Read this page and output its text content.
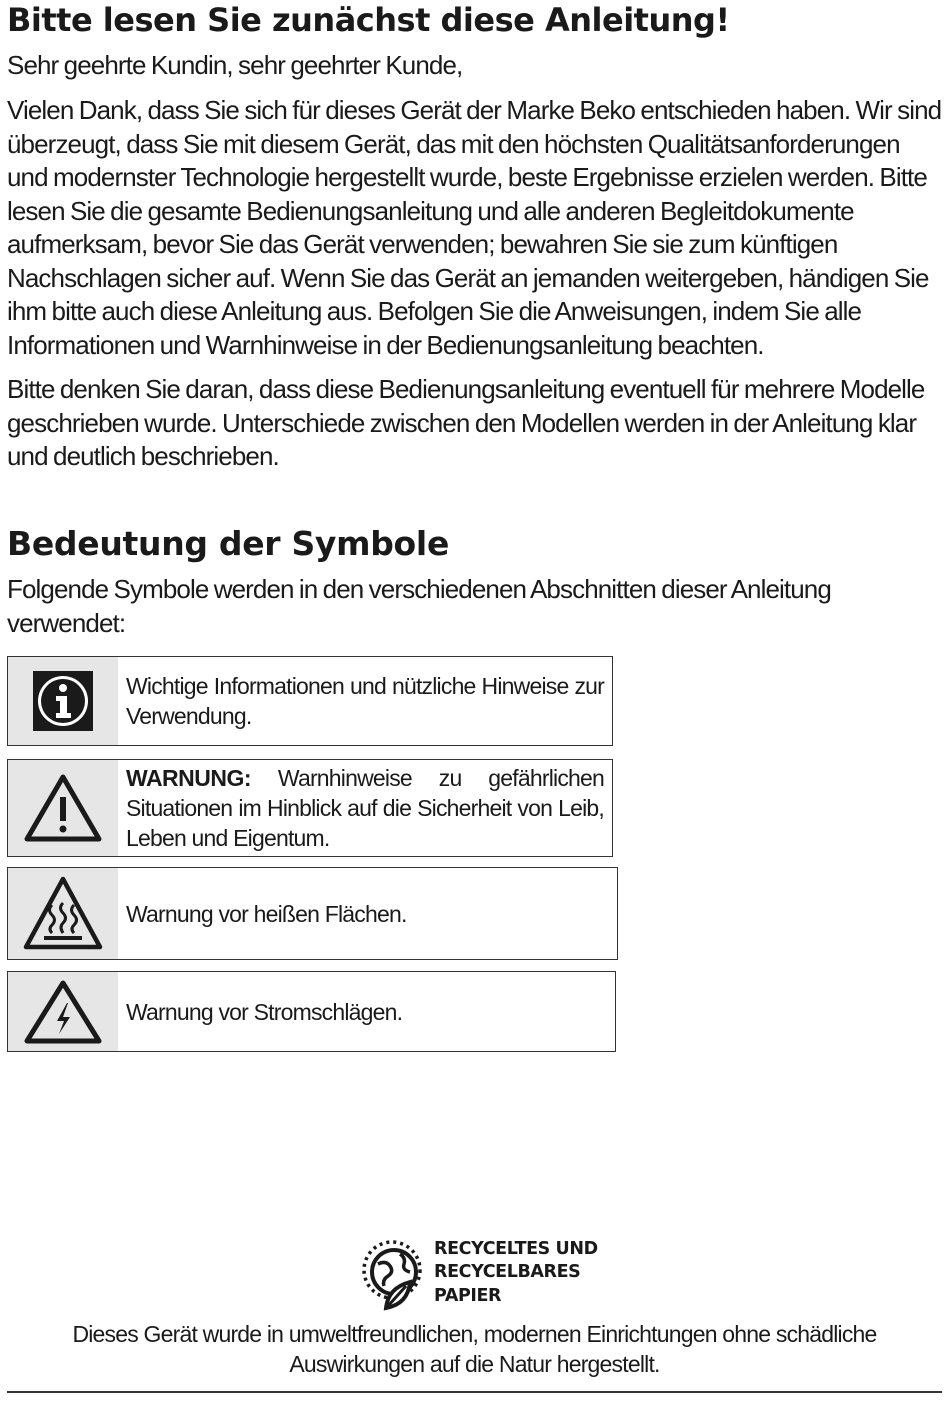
Bitte lesen Sie zunächst diese Anleitung!

Sehr geehrte Kundin, sehr geehrter Kunde,

Vielen Dank, dass Sie sich für dieses Gerät der Marke Beko entschieden haben. Wir sind überzeugt, dass Sie mit diesem Gerät, das mit den höchsten Qualitätsanforderungen und modernster Technologie hergestellt wurde, beste Ergebnisse erzielen werden. Bitte lesen Sie die gesamte Bedienungsanleitung und alle anderen Begleitdokumente aufmerksam, bevor Sie das Gerät verwenden; bewahren Sie sie zum künftigen Nachschlagen sicher auf. Wenn Sie das Gerät an jemanden weitergeben, händigen Sie ihm bitte auch diese Anleitung aus. Befolgen Sie die Anweisungen, indem Sie alle Informationen und Warnhinweise in der Bedienungsanleitung beachten.

Bitte denken Sie daran, dass diese Bedienungsanleitung eventuell für mehrere Modelle geschrieben wurde. Unterschiede zwischen den Modellen werden in der Anleitung klar und deutlich beschrieben.

Bedeutung der Symbole

Folgende Symbole werden in den verschiedenen Abschnitten dieser Anleitung verwendet:

Wichtige Informationen und nützliche Hinweise zur Verwendung.
WARNUNG: Warnhinweise zu gefährlichen Situationen im Hinblick auf die Sicherheit von Leib, Leben und Eigentum.
Warnung vor heißen Flächen.
Warnung vor Stromschlägen.
RECYCELTES UND
RECYCELBARES
PAPIER
Dieses Gerät wurde in umweltfreundlichen, modernen Einrichtungen ohne schädliche Auswirkungen auf die Natur hergestellt.
